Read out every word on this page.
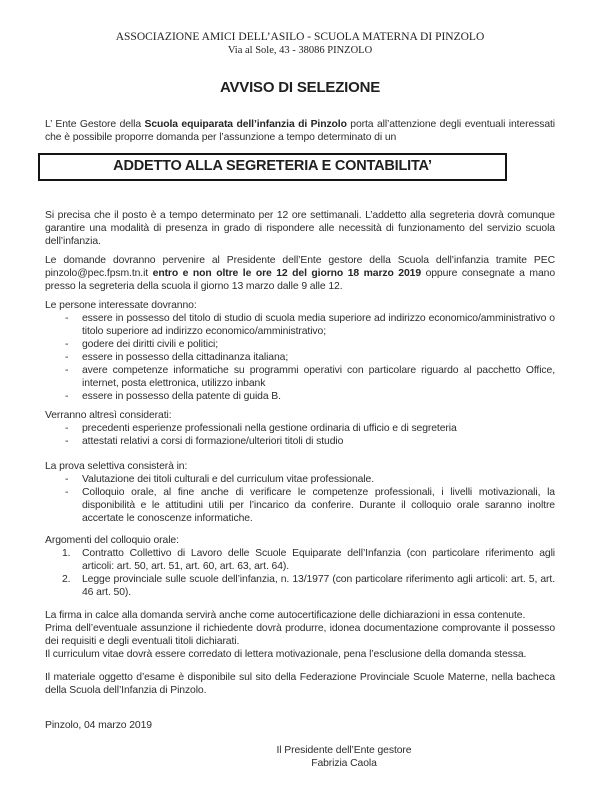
ASSOCIAZIONE AMICI DELL’ASILO - SCUOLA MATERNA DI PINZOLO
Via al Sole, 43 - 38086 PINZOLO
AVVISO DI SELEZIONE

L’ Ente Gestore della Scuola equiparata dell’infanzia di Pinzolo porta all’attenzione degli eventuali interessati che è possibile proporre domanda per l’assunzione a tempo determinato di un

ADDETTO ALLA SEGRETERIA E CONTABILITA’

Si precisa che il posto è a tempo determinato per 12 ore settimanali. L’addetto alla segreteria dovrà comunque garantire una modalità di presenza in grado di rispondere alle necessità di funzionamento del servizio scuola dell’infanzia.

Le domande dovranno pervenire al Presidente dell’Ente gestore della Scuola dell’infanzia tramite PEC pinzolo@pec.fpsm.tn.it entro e non oltre le ore 12 del giorno 18 marzo 2019 oppure consegnate a mano presso la segreteria della scuola il giorno 13 marzo dalle 9 alle 12.

Le persone interessate dovranno:

-	essere in possesso del titolo di studio di scuola media superiore ad indirizzo economico/amministrativo o titolo superiore ad indirizzo economico/amministrativo;
-	godere dei diritti civili e politici;
-	essere in possesso della cittadinanza italiana;
-	avere competenze informatiche su programmi operativi con particolare riguardo al pacchetto Office, internet, posta elettronica, utilizzo inbank
-	essere in possesso della patente di guida B.

Verranno altresì considerati:

-	precedenti esperienze professionali nella gestione ordinaria di ufficio e di segreteria
-	attestati relativi a corsi di formazione/ulteriori titoli di studio

La prova selettiva consisterà in:

-	Valutazione dei titoli culturali e del curriculum vitae professionale.
-	Colloquio orale, al fine anche di verificare le competenze professionali, i livelli motivazionali, la disponibilità e le attitudini utili per l’incarico da conferire. Durante il colloquio orale saranno inoltre accertate le conoscenze informatiche.

Argomenti del colloquio orale:

1.	Contratto Collettivo di Lavoro delle Scuole Equiparate dell’Infanzia (con particolare riferimento agli articoli: art. 50, art. 51, art. 60, art. 63, art. 64).
2.	Legge provinciale sulle scuole dell’infanzia, n. 13/1977 (con particolare riferimento agli articoli: art. 5, art. 46 art. 50).

La firma in calce alla domanda servirà anche come autocertificazione delle dichiarazioni in essa contenute.

Prima dell’eventuale assunzione il richiedente dovrà produrre, idonea documentazione comprovante il possesso dei requisiti e degli eventuali titoli dichiarati.

Il curriculum vitae dovrà essere corredato di lettera motivazionale, pena l’esclusione della domanda stessa.

Il materiale oggetto d’esame è disponibile sul sito della Federazione Provinciale Scuole Materne, nella bacheca della Scuola dell’Infanzia di Pinzolo.

Pinzolo, 04 marzo 2019

Il Presidente dell’Ente gestore
Fabrizia Caola
